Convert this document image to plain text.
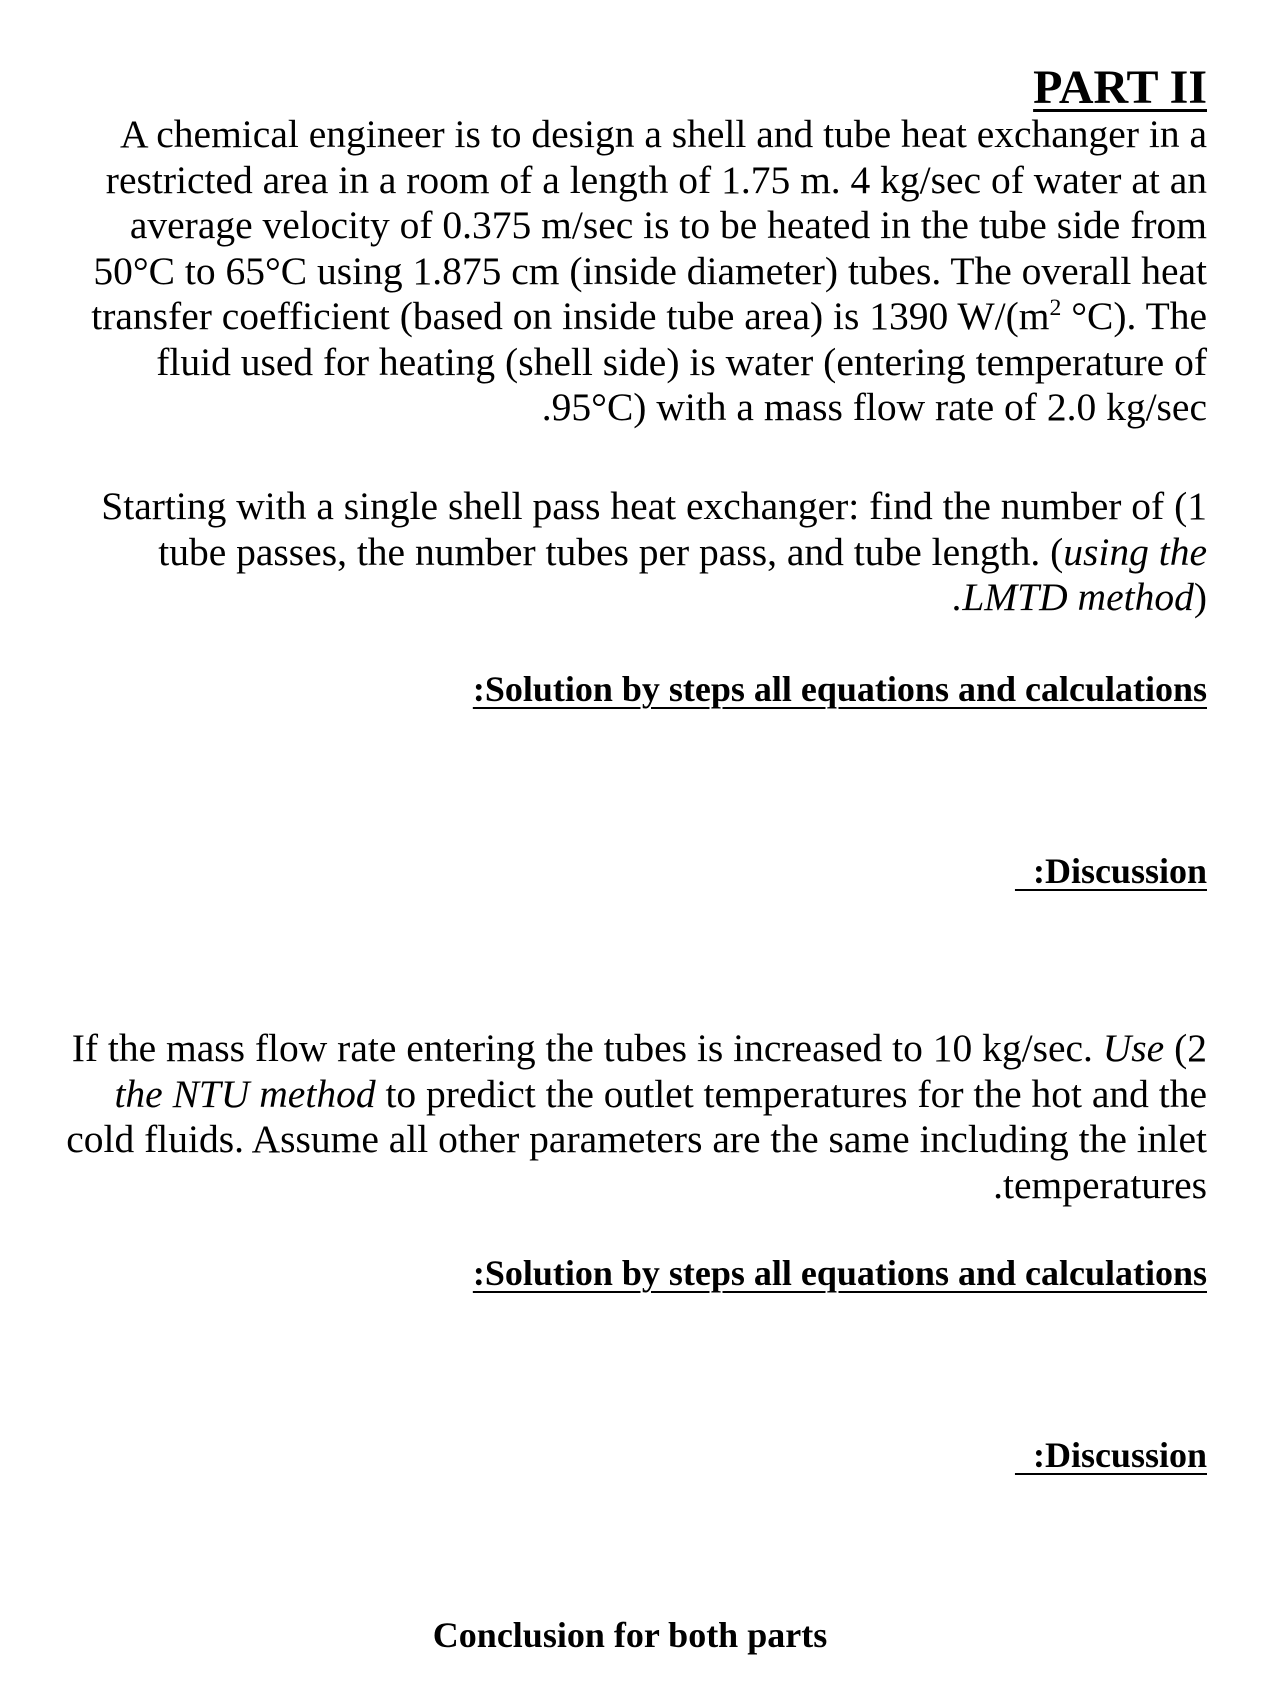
PART II
A chemical engineer is to design a shell and tube heat exchanger in a
restricted area in a room of a length of 1.75 m. 4 kg/sec of water at an
average velocity of 0.375 m/sec is to be heated in the tube side from
50°C to 65°C using 1.875 cm (inside diameter) tubes. The overall heat
transfer coefficient (based on inside tube area) is 1390 $W/(m^2$ °C). The
fluid used for heating (shell side) is water (entering temperature of
.95°C) with a mass flow rate of 2.0 kg/sec
Starting with a single shell pass heat exchanger: find the number of (1
tube passes, the number tubes per pass, and tube length. (using the
.LMTD method)
:Solution by steps all equations and calculations
:Discussion
If the mass flow rate entering the tubes is increased to 10 kg/sec. Use (2
the NTU method to predict the outlet temperatures for the hot and the
cold fluids. Assume all other parameters are the same including the inlet
.temperatures
:Solution by steps all equations and calculations
:Discussion
Conclusion for both parts
